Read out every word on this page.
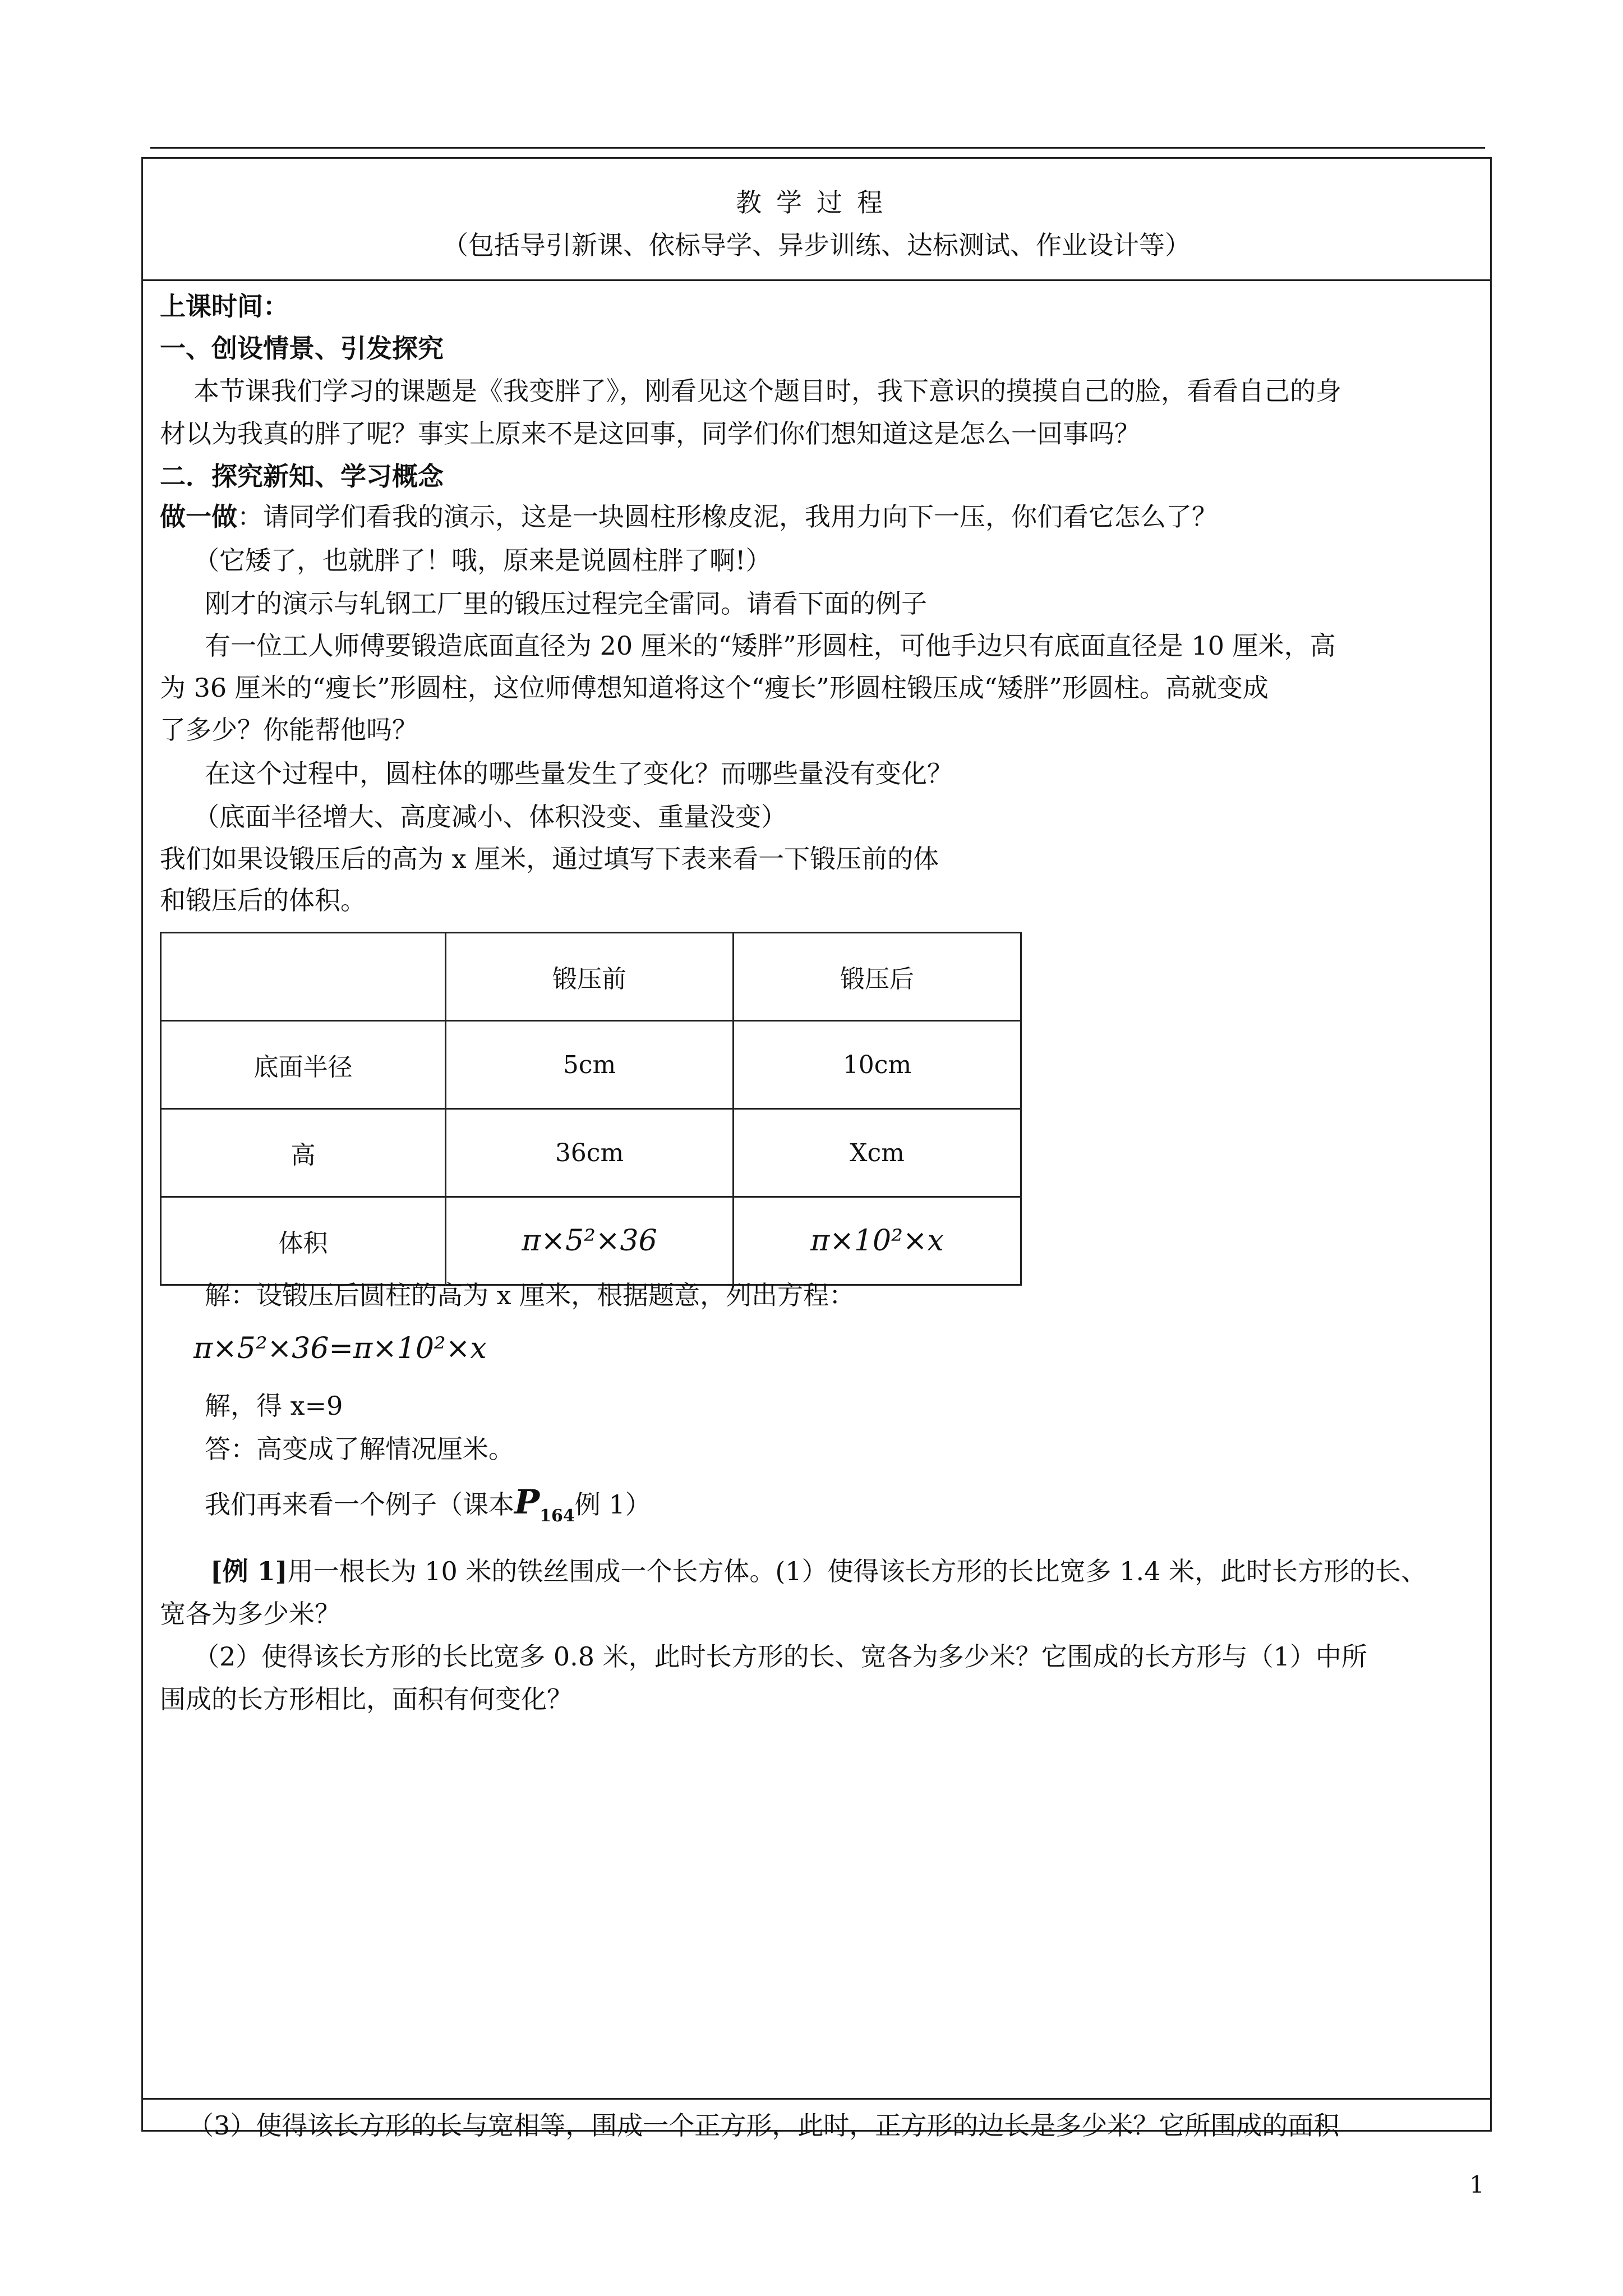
教学过程
（包括导引新课、依标导学、异步训练、达标测试、作业设计等）
上课时间：
一、创设情景、引发探究
本节课我们学习的课题是《我变胖了》，刚看见这个题目时，我下意识的摸摸自己的脸，看看自己的身
材以为我真的胖了呢？事实上原来不是这回事，同学们你们想知道这是怎么一回事吗？
二．探究新知、学习概念
做一做：请同学们看我的演示，这是一块圆柱形橡皮泥，我用力向下一压，你们看它怎么了？
（它矮了，也就胖了！哦，原来是说圆柱胖了啊!）
刚才的演示与轧钢工厂里的锻压过程完全雷同。请看下面的例子
有一位工人师傅要锻造底面直径为 20 厘米的“矮胖”形圆柱，可他手边只有底面直径是 10 厘米，高
为 36 厘米的“瘦长”形圆柱，这位师傅想知道将这个“瘦长”形圆柱锻压成“矮胖”形圆柱。高就变成
了多少？你能帮他吗？
在这个过程中，圆柱体的哪些量发生了变化？而哪些量没有变化？
（底面半径增大、高度减小、体积没变、重量没变）
我们如果设锻压后的高为 x 厘米，通过填写下表来看一下锻压前的体
和锻压后的体积。
	锻压前	锻压后
底面半径	5cm	10cm
高	36cm	Xcm
体积	π×5²×36	π×10²×x
解：设锻压后圆柱的高为 x 厘米，根据题意，列出方程：
π×5²×36=π×10²×x
解，得 x=9
答：高变成了解情况厘米。
我们再来看一个例子（课本$P_{164}$例 1）
[例 1]用一根长为 10 米的铁丝围成一个长方体。(1）使得该长方形的长比宽多 1.4 米，此时长方形的长、
宽各为多少米？
（2）使得该长方形的长比宽多 0.8 米，此时长方形的长、宽各为多少米？它围成的长方形与（1）中所
围成的长方形相比，面积有何变化？
（3）使得该长方形的长与宽相等，围成一个正方形，此时，正方形的边长是多少米？它所围成的面积
1
